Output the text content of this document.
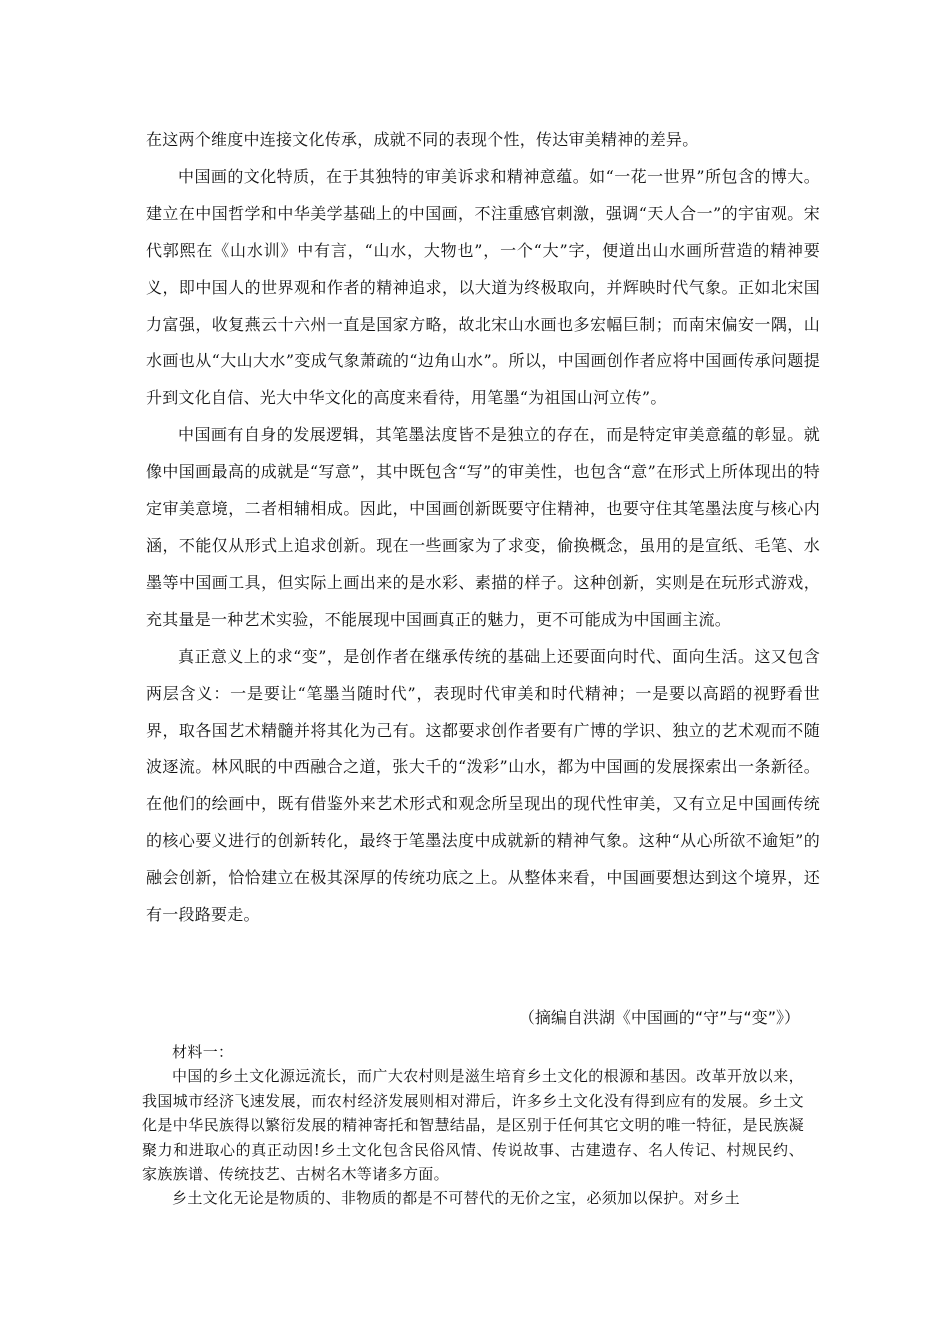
在这两个维度中连接文化传承，成就不同的表现个性，传达审美精神的差异。

中国画的文化特质，在于其独特的审美诉求和精神意蕴。如“一花一世界”所包含的博大。建立在中国哲学和中华美学基础上的中国画，不注重感官刺激，强调“天人合一”的宇宙观。宋代郭熙在《山水训》中有言，“山水，大物也”，一个“大”字，便道出山水画所营造的精神要义，即中国人的世界观和作者的精神追求，以大道为终极取向，并辉映时代气象。正如北宋国力富强，收复燕云十六州一直是国家方略，故北宋山水画也多宏幅巨制；而南宋偏安一隅，山水画也从“大山大水”变成气象萧疏的“边角山水”。所以，中国画创作者应将中国画传承问题提升到文化自信、光大中华文化的高度来看待，用笔墨“为祖国山河立传”。

中国画有自身的发展逻辑，其笔墨法度皆不是独立的存在，而是特定审美意蕴的彰显。就像中国画最高的成就是“写意”，其中既包含“写”的审美性，也包含“意”在形式上所体现出的特定审美意境，二者相辅相成。因此，中国画创新既要守住精神，也要守住其笔墨法度与核心内涵，不能仅从形式上追求创新。现在一些画家为了求变，偷换概念，虽用的是宣纸、毛笔、水墨等中国画工具，但实际上画出来的是水彩、素描的样子。这种创新，实则是在玩形式游戏，充其量是一种艺术实验，不能展现中国画真正的魅力，更不可能成为中国画主流。

真正意义上的求“变”，是创作者在继承传统的基础上还要面向时代、面向生活。这又包含两层含义：一是要让“笔墨当随时代”，表现时代审美和时代精神；一是要以高蹈的视野看世界，取各国艺术精髓并将其化为己有。这都要求创作者要有广博的学识、独立的艺术观而不随波逐流。林风眠的中西融合之道，张大千的“泼彩”山水，都为中国画的发展探索出一条新径。在他们的绘画中，既有借鉴外来艺术形式和观念所呈现出的现代性审美，又有立足中国画传统的核心要义进行的创新转化，最终于笔墨法度中成就新的精神气象。这种“从心所欲不逾矩”的融会创新，恰恰建立在极其深厚的传统功底之上。从整体来看，中国画要想达到这个境界，还有一段路要走。

（摘编自洪湖《中国画的“守”与“变”》）

材料一：

中国的乡土文化源远流长，而广大农村则是滋生培育乡土文化的根源和基因。改革开放以来，我国城市经济飞速发展，而农村经济发展则相对滞后，许多乡土文化没有得到应有的发展。乡土文化是中华民族得以繁衍发展的精神寄托和智慧结晶，是区别于任何其它文明的唯一特征，是民族凝聚力和进取心的真正动因!乡土文化包含民俗风情、传说故事、古建遗存、名人传记、村规民约、家族族谱、传统技艺、古树名木等诸多方面。

乡土文化无论是物质的、非物质的都是不可替代的无价之宝，必须加以保护。对乡土
